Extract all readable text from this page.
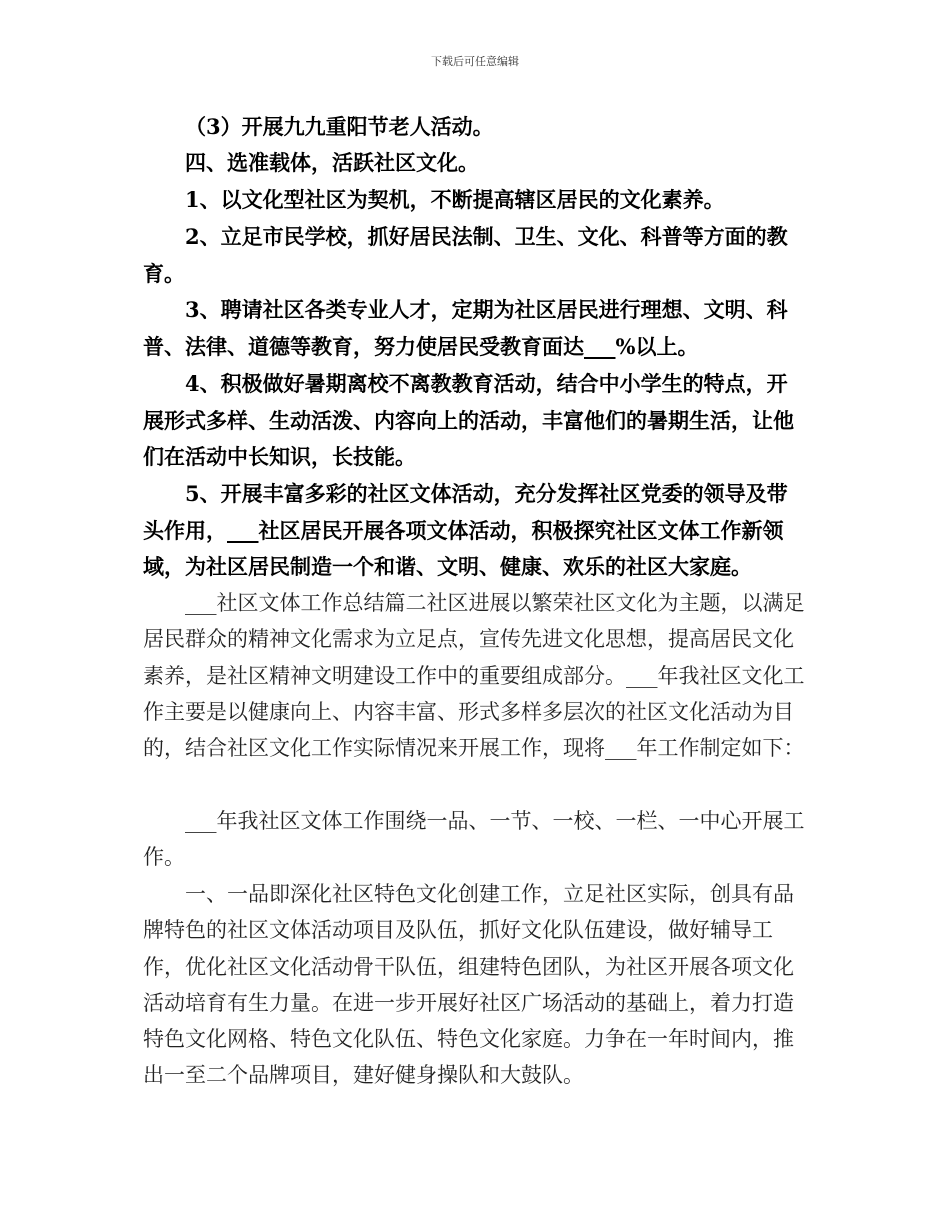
下载后可任意编辑

（3）开展九九重阳节老人活动。

四、选准载体，活跃社区文化。

1、以文化型社区为契机，不断提高辖区居民的文化素养。

2、立足市民学校，抓好居民法制、卫生、文化、科普等方面的教育。

3、聘请社区各类专业人才，定期为社区居民进行理想、文明、科普、法律、道德等教育，努力使居民受教育面达___%以上。

4、积极做好暑期离校不离教教育活动，结合中小学生的特点，开展形式多样、生动活泼、内容向上的活动，丰富他们的暑期生活，让他们在活动中长知识，长技能。

5、开展丰富多彩的社区文体活动，充分发挥社区党委的领导及带头作用，___社区居民开展各项文体活动，积极探究社区文体工作新领域，为社区居民制造一个和谐、文明、健康、欢乐的社区大家庭。

___社区文体工作总结篇二社区进展以繁荣社区文化为主题，以满足居民群众的精神文化需求为立足点，宣传先进文化思想，提高居民文化素养，是社区精神文明建设工作中的重要组成部分。___年我社区文化工作主要是以健康向上、内容丰富、形式多样多层次的社区文化活动为目的，结合社区文化工作实际情况来开展工作，现将___年工作制定如下：

___年我社区文体工作围绕一品、一节、一校、一栏、一中心开展工作。

一、一品即深化社区特色文化创建工作，立足社区实际，创具有品牌特色的社区文体活动项目及队伍，抓好文化队伍建设，做好辅导工作，优化社区文化活动骨干队伍，组建特色团队，为社区开展各项文化活动培育有生力量。在进一步开展好社区广场活动的基础上，着力打造特色文化网格、特色文化队伍、特色文化家庭。力争在一年时间内，推出一至二个品牌项目，建好健身操队和大鼓队。
